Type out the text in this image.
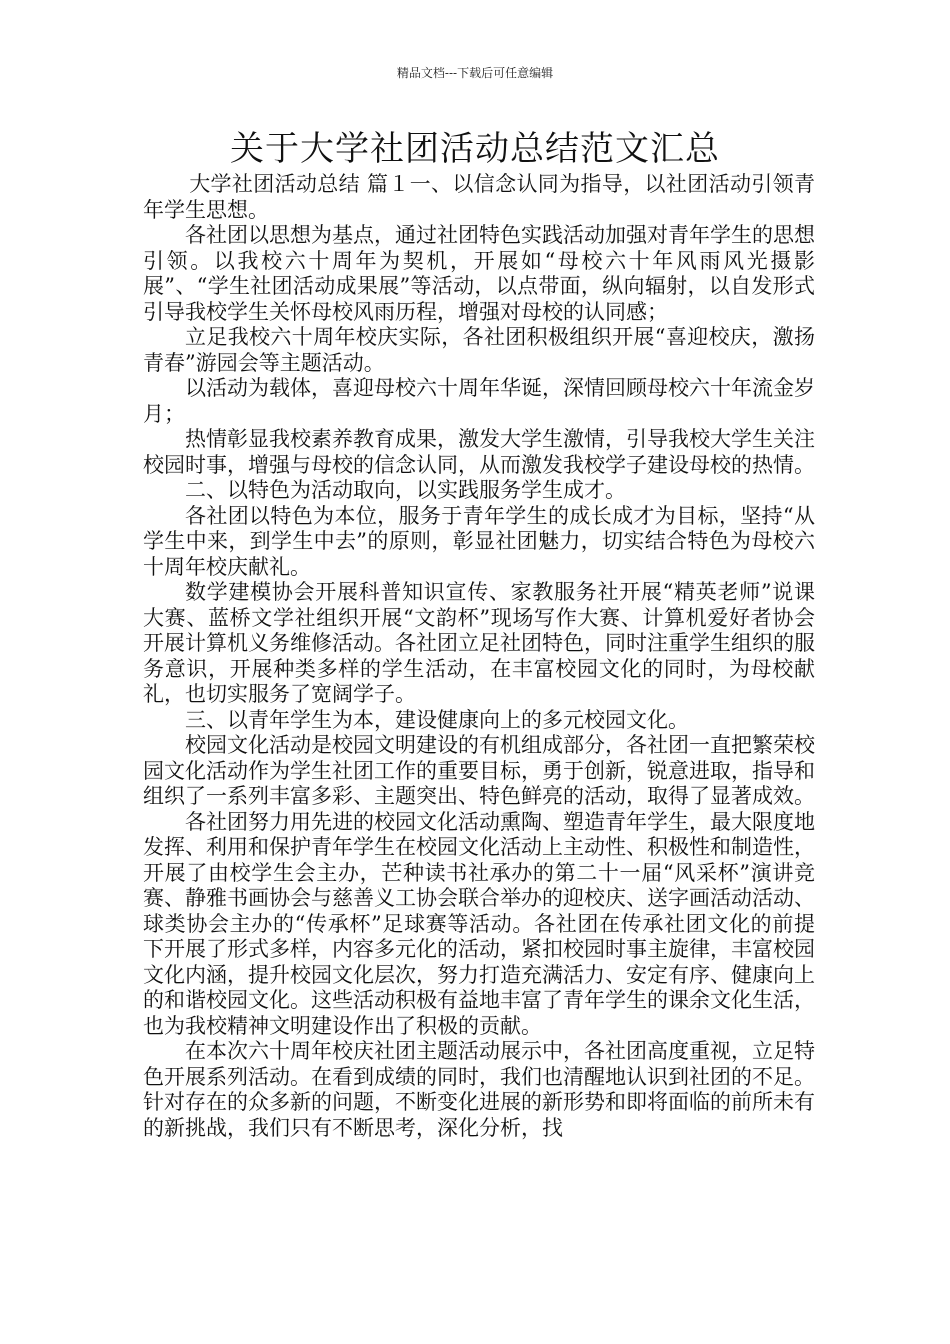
精品文档---下载后可任意编辑
关于大学社团活动总结范文汇总

大学社团活动总结 篇１一、以信念认同为指导，以社团活动引领青年学生思想。

各社团以思想为基点，通过社团特色实践活动加强对青年学生的思想引领。以我校六十周年为契机，开展如“母校六十年风雨风光摄影展”、“学生社团活动成果展”等活动，以点带面，纵向辐射，以自发形式引导我校学生关怀母校风雨历程，增强对母校的认同感；

立足我校六十周年校庆实际，各社团积极组织开展“喜迎校庆，激扬青春”游园会等主题活动。

以活动为载体，喜迎母校六十周年华诞，深情回顾母校六十年流金岁月；

热情彰显我校素养教育成果，激发大学生激情，引导我校大学生关注校园时事，增强与母校的信念认同，从而激发我校学子建设母校的热情。

二、以特色为活动取向，以实践服务学生成才。

各社团以特色为本位，服务于青年学生的成长成才为目标，坚持“从学生中来，到学生中去”的原则，彰显社团魅力，切实结合特色为母校六十周年校庆献礼。

数学建模协会开展科普知识宣传、家教服务社开展“精英老师”说课大赛、蓝桥文学社组织开展“文韵杯”现场写作大赛、计算机爱好者协会开展计算机义务维修活动。各社团立足社团特色，同时注重学生组织的服务意识，开展种类多样的学生活动，在丰富校园文化的同时，为母校献礼，也切实服务了宽阔学子。

三、以青年学生为本，建设健康向上的多元校园文化。

校园文化活动是校园文明建设的有机组成部分，各社团一直把繁荣校园文化活动作为学生社团工作的重要目标，勇于创新，锐意进取，指导和组织了一系列丰富多彩、主题突出、特色鲜亮的活动，取得了显著成效。

各社团努力用先进的校园文化活动熏陶、塑造青年学生，最大限度地发挥、利用和保护青年学生在校园文化活动上主动性、积极性和制造性，开展了由校学生会主办，芒种读书社承办的第二十一届“风采杯”演讲竞赛、静雅书画协会与慈善义工协会联合举办的迎校庆、送字画活动活动、球类协会主办的“传承杯”足球赛等活动。各社团在传承社团文化的前提下开展了形式多样，内容多元化的活动，紧扣校园时事主旋律，丰富校园文化内涵，提升校园文化层次，努力打造充满活力、安定有序、健康向上的和谐校园文化。这些活动积极有益地丰富了青年学生的课余文化生活，也为我校精神文明建设作出了积极的贡献。

在本次六十周年校庆社团主题活动展示中，各社团高度重视，立足特色开展系列活动。在看到成绩的同时，我们也清醒地认识到社团的不足。针对存在的众多新的问题，不断变化进展的新形势和即将面临的前所未有的新挑战，我们只有不断思考，深化分析，找
